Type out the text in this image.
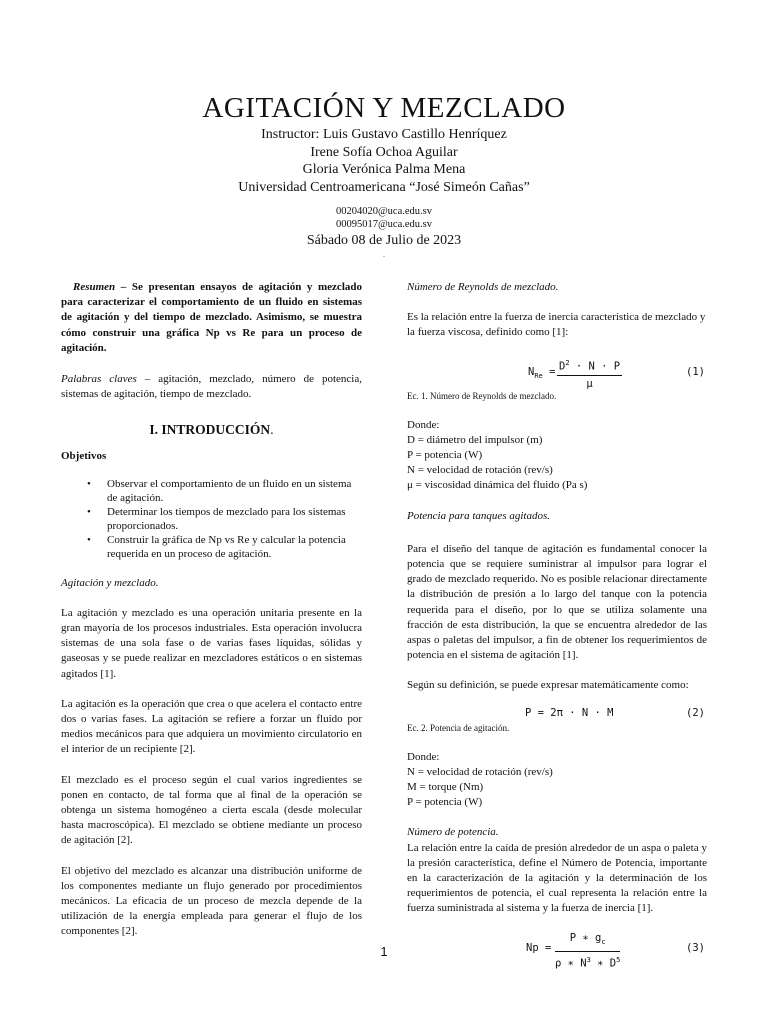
AGITACIÓN Y MEZCLADO
Instructor: Luis Gustavo Castillo Henríquez
Irene Sofía Ochoa Aguilar
Gloria Verónica Palma Mena
Universidad Centroamericana “José Simeón Cañas”
00204020@uca.edu.sv
00095017@uca.edu.sv
Sábado 08 de Julio de 2023
.

Resumen – Se presentan ensayos de agitación y mezclado para caracterizar el comportamiento de un fluido en sistemas de agitación y del tiempo de mezclado. Asimismo, se muestra cómo construir una gráfica Np vs Re para un proceso de agitación.

Palabras claves – agitación, mezclado, número de potencia, sistemas de agitación, tiempo de mezclado.

I. INTRODUCCIÓN.

Objetivos

• Observar el comportamiento de un fluido en un sistema de agitación.
• Determinar los tiempos de mezclado para los sistemas proporcionados.
• Construir la gráfica de Np vs Re y calcular la potencia requerida en un proceso de agitación.

Agitación y mezclado.

La agitación y mezclado es una operación unitaria presente en la gran mayoría de los procesos industriales. Esta operación involucra sistemas de una sola fase o de varias fases líquidas, sólidas y gaseosas y se puede realizar en mezcladores estáticos o en sistemas agitados [1].

La agitación es la operación que crea o que acelera el contacto entre dos o varias fases. La agitación se refiere a forzar un fluido por medios mecánicos para que adquiera un movimiento circulatorio en el interior de un recipiente [2].

El mezclado es el proceso según el cual varios ingredientes se ponen en contacto, de tal forma que al final de la operación se obtenga un sistema homogéneo a cierta escala (desde molecular hasta macroscópica). El mezclado se obtiene mediante un proceso de agitación [2].

El objetivo del mezclado es alcanzar una distribución uniforme de los componentes mediante un flujo generado por procedimientos mecánicos. La eficacia de un proceso de mezcla depende de la utilización de la energía empleada para generar el flujo de los componentes [2].

Número de Reynolds de mezclado.

Es la relación entre la fuerza de inercia característica de mezclado y la fuerza viscosa, definido como [1]:

$N_{Re} = \frac{D^2 \cdot N \cdot P}{\mu}$	(1)

Ec. 1. Número de Reynolds de mezclado.

Donde:

D = diámetro del impulsor (m)

P = potencia (W)

N = velocidad de rotación (rev/s)

μ = viscosidad dinámica del fluido (Pa s)

Potencia para tanques agitados.

Para el diseño del tanque de agitación es fundamental conocer la potencia que se requiere suministrar al impulsor para lograr el grado de mezclado requerido. No es posible relacionar directamente la distribución de presión a lo largo del tanque con la potencia requerida para el diseño, por lo que se utiliza solamente una fracción de esta distribución, la que se encuentra alrededor de las aspas o paletas del impulsor, a fin de obtener los requerimientos de potencia en el sistema de agitación [1].

Según su definición, se puede expresar matemáticamente como:

P = 2π · N · M	(2)

Ec. 2. Potencia de agitación.

Donde:

N = velocidad de rotación (rev/s)

M = torque (Nm)

P = potencia (W)

Número de potencia.

La relación entre la caída de presión alrededor de un aspa o paleta y la presión característica, define el Número de Potencia, importante en la caracterización de la agitación y la determinación de los requerimientos de potencia, el cual representa la relación entre la fuerza suministrada al sistema y la fuerza de inercia [1].

$Np = \frac{P ∗ g_c}{\rho ∗ N^3 ∗ D^5}$	(3)
1
